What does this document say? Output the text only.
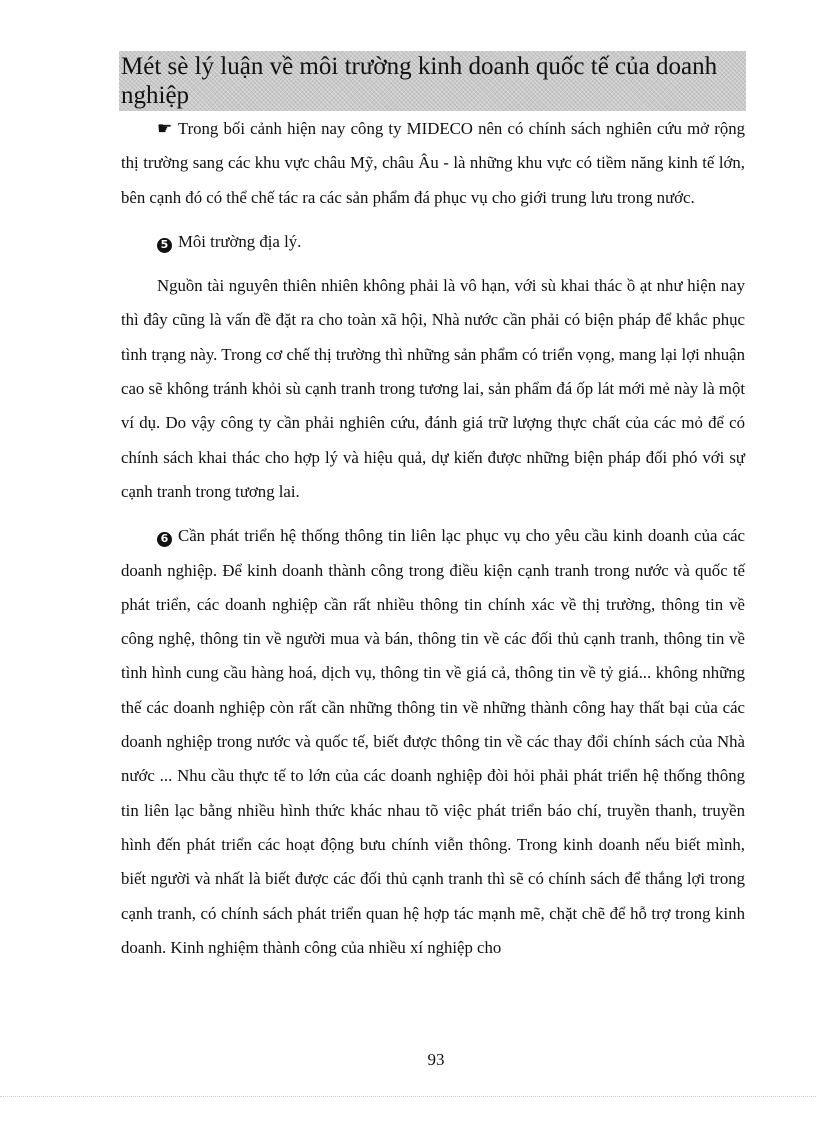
Mét sè lý luận về môi trường kinh doanh quốc tế của doanh nghiệp

☛ Trong bối cảnh hiện nay công ty MIDECO nên có chính sách nghiên cứu mở rộng thị trường sang các khu vực châu Mỹ, châu Âu - là những khu vực có tiềm năng kinh tế lớn, bên cạnh đó có thể chế tác ra các sản phẩm đá phục vụ cho giới trung lưu trong nước.

5 Môi trường địa lý.

Nguồn tài nguyên thiên nhiên không phải là vô hạn, với sù khai thác ồ ạt như hiện nay thì đây cũng là vấn đề đặt ra cho toàn xã hội, Nhà nước cần phải có biện pháp để khắc phục tình trạng này. Trong cơ chế thị trường thì những sản phẩm có triển vọng, mang lại lợi nhuận cao sẽ không tránh khỏi sù cạnh tranh trong tương lai, sản phẩm đá ốp lát mới mẻ này là một ví dụ. Do vậy công ty cần phải nghiên cứu, đánh giá trữ lượng thực chất của các mỏ để có chính sách khai thác cho hợp lý và hiệu quả, dự kiến được những biện pháp đối phó với sự cạnh tranh trong tương lai.

6 Cần phát triển hệ thống thông tin liên lạc phục vụ cho yêu cầu kinh doanh của các doanh nghiệp. Để kinh doanh thành công trong điều kiện cạnh tranh trong nước và quốc tế phát triển, các doanh nghiệp cần rất nhiều thông tin chính xác về thị trường, thông tin về công nghệ, thông tin về người mua và bán, thông tin về các đối thủ cạnh tranh, thông tin về tình hình cung cầu hàng hoá, dịch vụ, thông tin về giá cả, thông tin về tỷ giá... không những thế các doanh nghiệp còn rất cần những thông tin về những thành công hay thất bại của các doanh nghiệp trong nước và quốc tế, biết được thông tin về các thay đổi chính sách của Nhà nước ... Nhu cầu thực tế to lớn của các doanh nghiệp đòi hỏi phải phát triển hệ thống thông tin liên lạc bằng nhiều hình thức khác nhau tõ việc phát triển báo chí, truyền thanh, truyền hình đến phát triển các hoạt động bưu chính viễn thông. Trong kinh doanh nếu biết mình, biết người và nhất là biết được các đối thủ cạnh tranh thì sẽ có chính sách để thắng lợi trong cạnh tranh, có chính sách phát triển quan hệ hợp tác mạnh mẽ, chặt chẽ để hỗ trợ trong kinh doanh. Kinh nghiệm thành công của nhiều xí nghiệp cho

93
